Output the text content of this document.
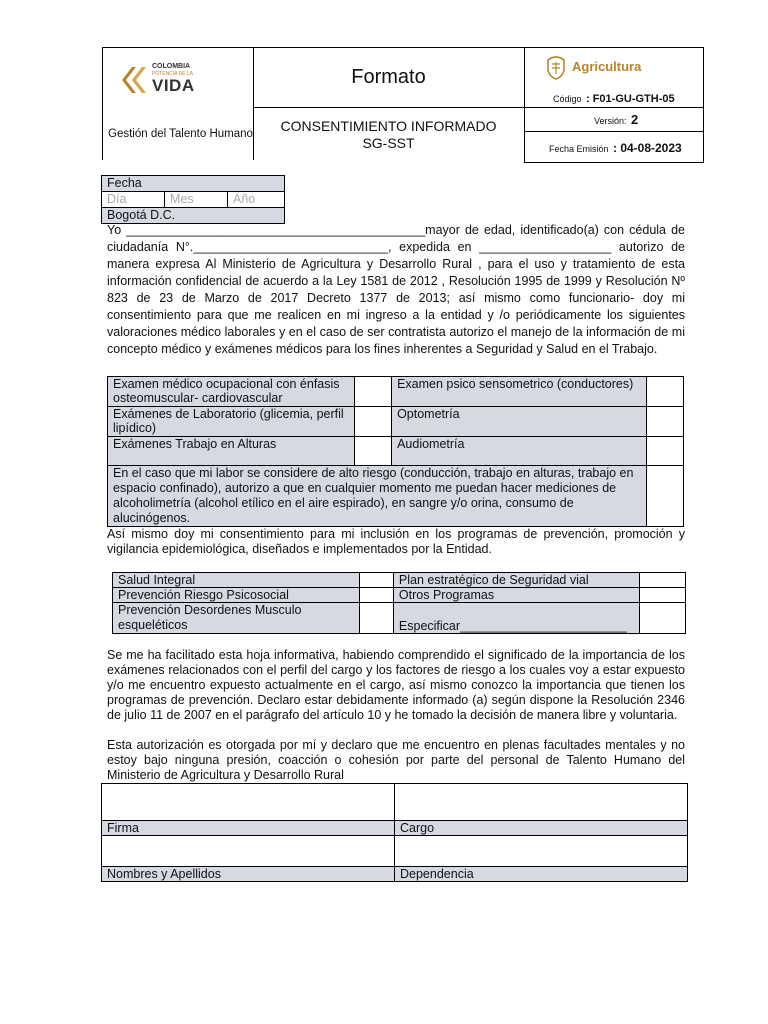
COLOMBIA
POTENCIA DE LA
VIDA
Gestión del Talento Humano
Formato
CONSENTIMIENTO INFORMADO
SG-SST
Agricultura
Código : F01-GU-GTH-05
Versión: 2
Fecha Emisión : 04-08-2023
Fecha
Día	Mes	Año
Bogotá D.C.
Yo ___________________________________________mayor de edad, identificado(a) con cédula de
ciudadanía N°.____________________________, expedida en ___________________ autorizo de
manera expresa Al Ministerio de Agricultura y Desarrollo Rural , para el uso y tratamiento de esta información confidencial de acuerdo a la Ley 1581 de 2012 , Resolución 1995 de 1999 y Resolución Nº 823 de 23 de Marzo de 2017 Decreto 1377 de 2013; así mismo como funcionario- doy mi consentimiento para que me realicen en mi ingreso a la entidad y /o periódicamente los siguientes valoraciones médico laborales y en el caso de ser contratista autorizo el manejo de la información de mi concepto médico y exámenes médicos para los fines inherentes a Seguridad y Salud en el Trabajo.
Examen médico ocupacional con énfasis osteomuscular- cardiovascular		Examen psico sensometrico (conductores)	
Exámenes de Laboratorio (glicemia, perfil lipídico)		Optometría	
Exámenes Trabajo en Alturas		Audiometría	
En el caso que mi labor se considere de alto riesgo (conducción, trabajo en alturas, trabajo en espacio confinado), autorizo a que en cualquier momento me puedan hacer mediciones de alcoholimetría (alcohol etílico en el aire espirado), en sangre y/o orina, consumo de alucinógenos.			
Así mismo doy mi consentimiento para mi inclusión en los programas de prevención, promoción y vigilancia epidemiológica, diseñados e implementados por la Entidad.
Salud Integral		Plan estratégico de Seguridad vial	
Prevención Riesgo Psicosocial		Otros Programas	
Prevención Desordenes Musculo esqueléticos		Especificar________________________	
Se me ha facilitado esta hoja informativa, habiendo comprendido el significado de la importancia de los exámenes relacionados con el perfil del cargo y los factores de riesgo a los cuales voy a estar expuesto y/o me encuentro expuesto actualmente en el cargo, así mismo conozco la importancia que tienen los programas de prevención. Declaro estar debidamente informado (a) según dispone la Resolución 2346 de julio 11 de 2007 en el parágrafo del artículo 10 y he tomado la decisión de manera libre y voluntaria.
Esta autorización es otorgada por mí y declaro que me encuentro en plenas facultades mentales y no estoy bajo ninguna presión, coacción o cohesión por parte del personal de Talento Humano del Ministerio de Agricultura y Desarrollo Rural

Firma	Cargo

Nombres y Apellidos	Dependencia
